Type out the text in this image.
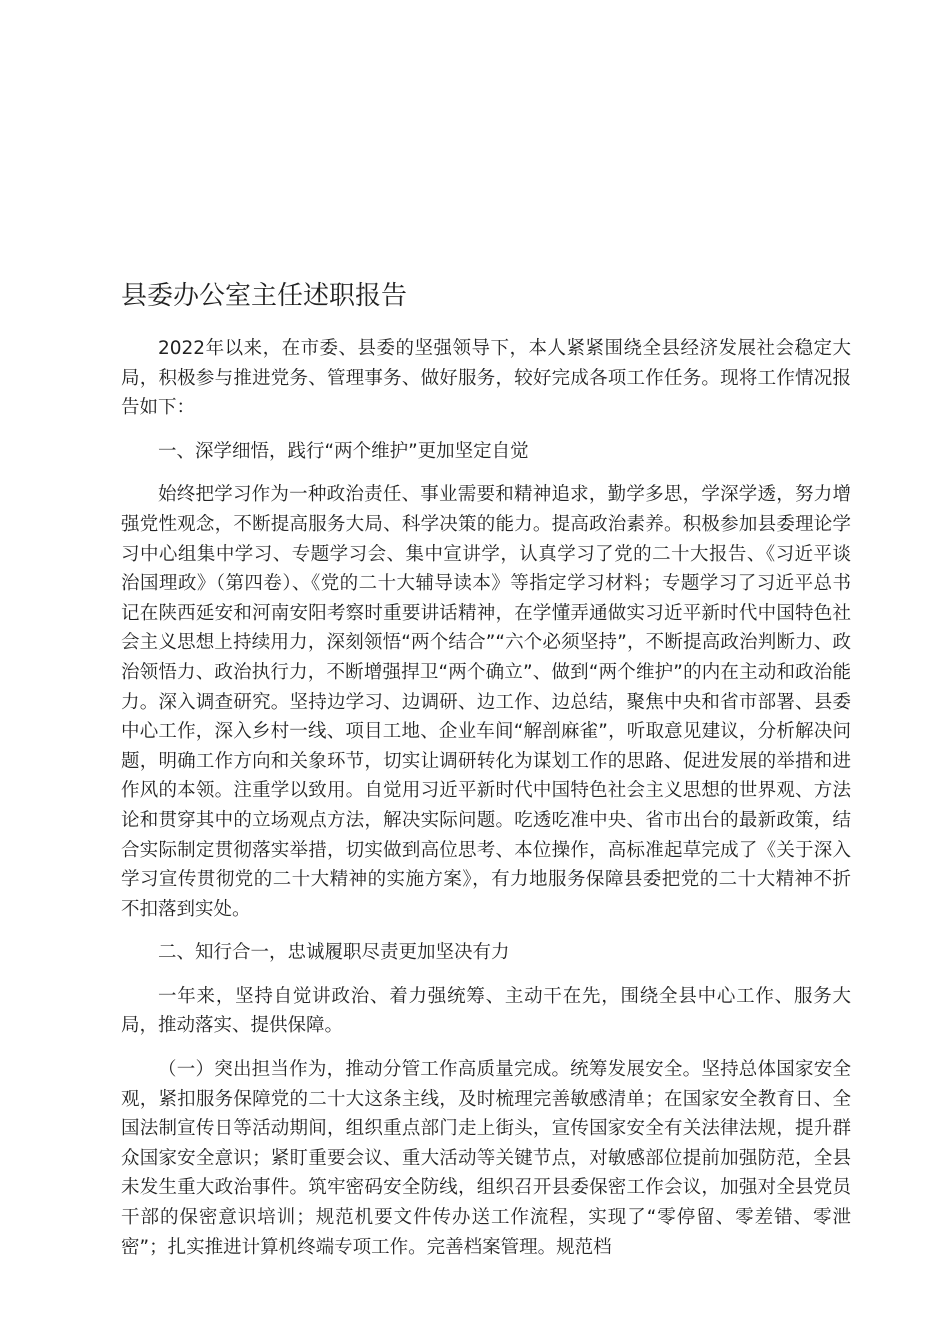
县委办公室主任述职报告

2022年以来，在市委、县委的坚强领导下，本人紧紧围绕全县经济发展社会稳定大局，积极参与推进党务、管理事务、做好服务，较好完成各项工作任务。现将工作情况报告如下：

一、深学细悟，践行“两个维护”更加坚定自觉

始终把学习作为一种政治责任、事业需要和精神追求，勤学多思，学深学透，努力增强党性观念，不断提高服务大局、科学决策的能力。提高政治素养。积极参加县委理论学习中心组集中学习、专题学习会、集中宣讲学，认真学习了党的二十大报告、《习近平谈治国理政》（第四卷）、《党的二十大辅导读本》等指定学习材料；专题学习了习近平总书记在陕西延安和河南安阳考察时重要讲话精神，在学懂弄通做实习近平新时代中国特色社会主义思想上持续用力，深刻领悟“两个结合”“六个必须坚持”，不断提高政治判断力、政治领悟力、政治执行力，不断增强捍卫“两个确立”、做到“两个维护”的内在主动和政治能力。深入调查研究。坚持边学习、边调研、边工作、边总结，聚焦中央和省市部署、县委中心工作，深入乡村一线、项目工地、企业车间“解剖麻雀”，听取意见建议，分析解决问题，明确工作方向和关象环节，切实让调研转化为谋划工作的思路、促进发展的举措和进作风的本领。注重学以致用。自觉用习近平新时代中国特色社会主义思想的世界观、方法论和贯穿其中的立场观点方法，解决实际问题。吃透吃准中央、省市出台的最新政策，结合实际制定贯彻落实举措，切实做到高位思考、本位操作，高标准起草完成了《关于深入学习宣传贯彻党的二十大精神的实施方案》，有力地服务保障县委把党的二十大精神不折不扣落到实处。

二、知行合一，忠诚履职尽责更加坚决有力

一年来，坚持自觉讲政治、着力强统筹、主动干在先，围绕全县中心工作、服务大局，推动落实、提供保障。

（一）突出担当作为，推动分管工作高质量完成。统筹发展安全。坚持总体国家安全观，紧扣服务保障党的二十大这条主线，及时梳理完善敏感清单；在国家安全教育日、全国法制宣传日等活动期间，组织重点部门走上街头，宣传国家安全有关法律法规，提升群众国家安全意识；紧盯重要会议、重大活动等关键节点，对敏感部位提前加强防范，全县未发生重大政治事件。筑牢密码安全防线，组织召开县委保密工作会议，加强对全县党员干部的保密意识培训；规范机要文件传办送工作流程，实现了“零停留、零差错、零泄密”；扎实推进计算机终端专项工作。完善档案管理。规范档
